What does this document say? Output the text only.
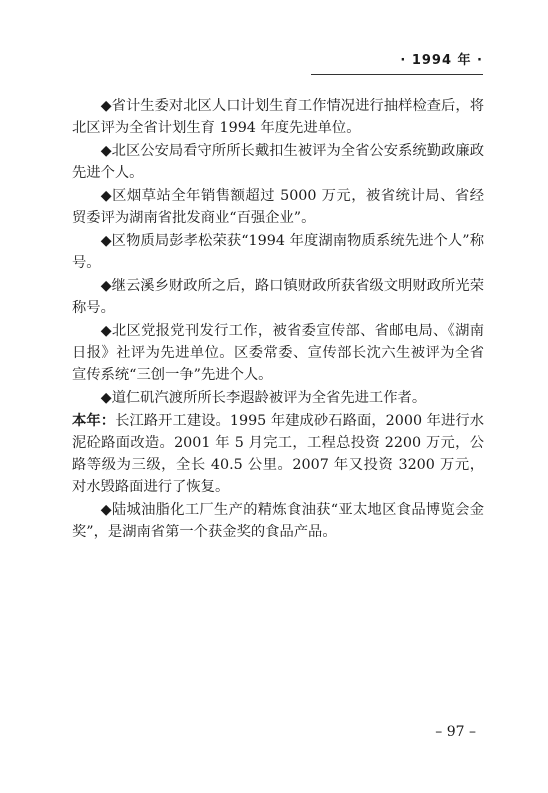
· 1994 年 ·

◆省计生委对北区人口计划生育工作情况进行抽样检查后，将北区评为全省计划生育 1994 年度先进单位。

◆北区公安局看守所所长戴扣生被评为全省公安系统勤政廉政先进个人。

◆区烟草站全年销售额超过 5000 万元，被省统计局、省经贸委评为湖南省批发商业“百强企业”。

◆区物质局彭孝松荣获“1994 年度湖南物质系统先进个人”称号。

◆继云溪乡财政所之后，路口镇财政所获省级文明财政所光荣称号。

◆北区党报党刊发行工作，被省委宣传部、省邮电局、《湖南日报》社评为先进单位。区委常委、宣传部长沈六生被评为全省宣传系统“三创一争”先进个人。

◆道仁矶汽渡所所长李遐龄被评为全省先进工作者。

本年：长江路开工建设。1995 年建成砂石路面，2000 年进行水泥砼路面改造。2001 年 5 月完工，工程总投资 2200 万元，公路等级为三级，全长 40.5 公里。2007 年又投资 3200 万元，对水毁路面进行了恢复。

◆陆城油脂化工厂生产的精炼食油获“亚太地区食品博览会金奖”，是湖南省第一个获金奖的食品产品。

– 97 –
